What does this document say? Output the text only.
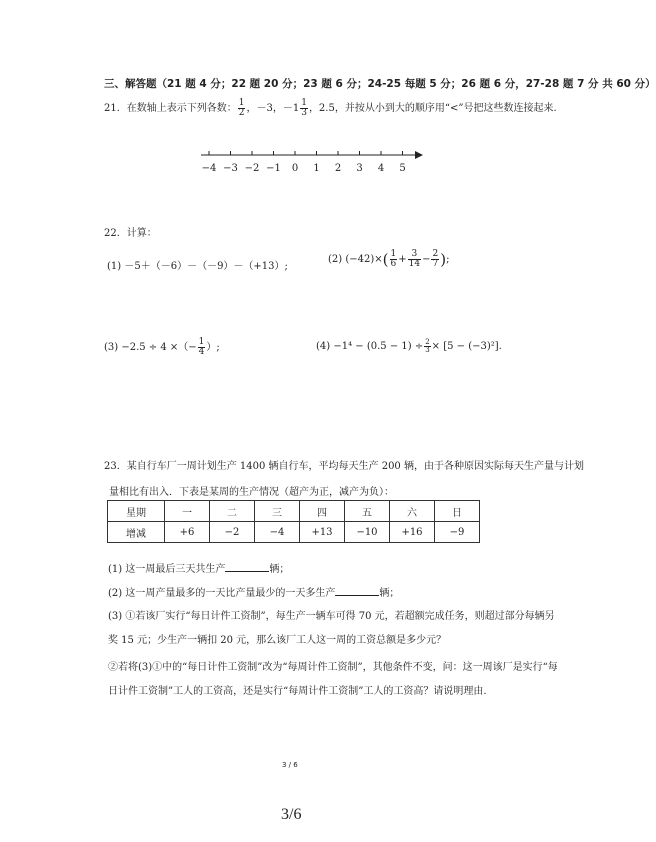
三、解答题（21 题 4 分；22 题 20 分；23 题 6 分；24-25 每题 5 分；26 题 6 分，27-28 题 7 分 共 60 分）
21．在数轴上表示下列各数： $\frac{1}{2}$ ，－3，$-1 \frac{1}{3}$ ，2.5，并按从小到大的顺序用“<”号把这些数连接起来.
−4 −3 −2 −1 0 1 2 3 4 5
22．计算：
(1) －5＋（－6）－（－9）－（+13）;
(2) $(-42)\times( \frac{1}{6} + \frac{3}{14} - \frac{2}{7}$ );
(3) −2.5 ÷ 4 ×（− $\frac{1}{4}$ ）;	$(4) -1^4 - (0.5 - 1) \div \frac{2}{3} \times [5 - (-3)^2]$.
23．某自行车厂一周计划生产 1400 辆自行车，平均每天生产 200 辆，由于各种原因实际每天生产量与计划
量相比有出入．下表是某周的生产情况（超产为正，减产为负）：
星期	一	二	三	四	五	六	日
增减	+6	−2	−4	+13	−10	+16	−9
(1) 这一周最后三天共生产	辆；
(2) 这一周产量最多的一天比产量最少的一天多生产	辆；
(3) ①若该厂实行“每日计件工资制”，每生产一辆车可得 70 元，若超额完成任务，则超过部分每辆另
奖 15 元；少生产一辆扣 20 元，那么该厂工人这一周的工资总额是多少元？
②若将(3)①中的“每日计件工资制”改为“每周计件工资制”，其他条件不变，问：这一周该厂是实行“每
日计件工资制”工人的工资高，还是实行“每周计件工资制”工人的工资高？请说明理由.
3 / 6
3/6
